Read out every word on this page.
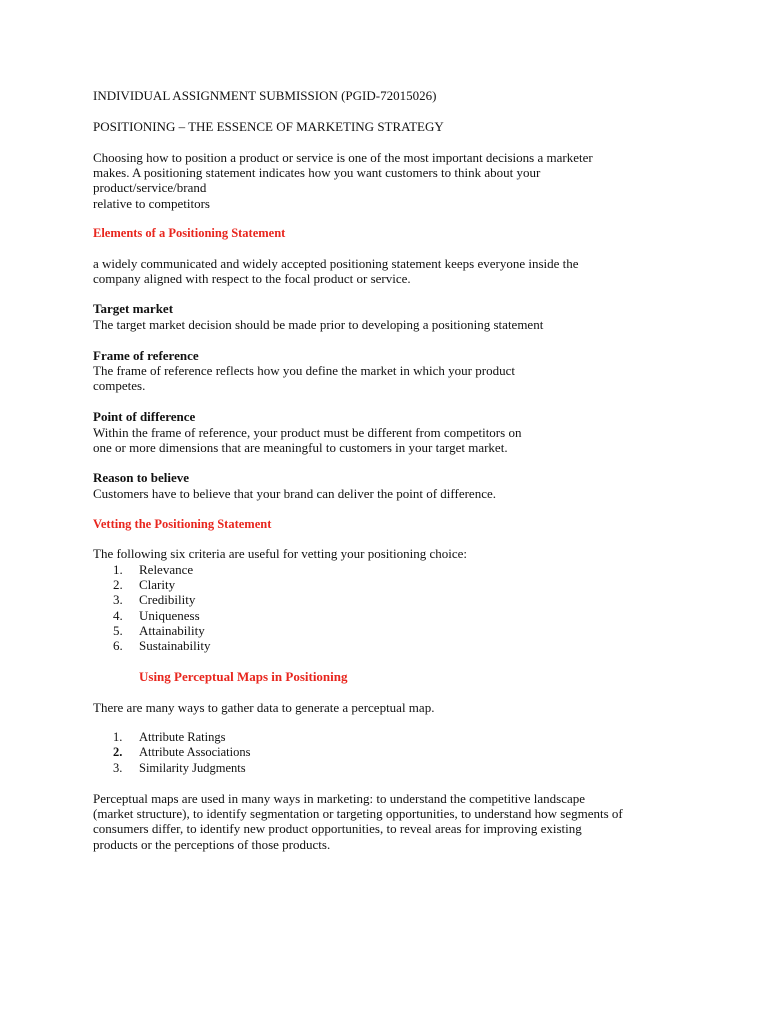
INDIVIDUAL ASSIGNMENT SUBMISSION (PGID-72015026)
POSITIONING – THE ESSENCE OF MARKETING STRATEGY
Choosing how to position a product or service is one of the most important decisions a marketer
makes. A positioning statement indicates how you want customers to think about your
product/service/brand
relative to competitors
Elements of a Positioning Statement
a widely communicated and widely accepted positioning statement keeps everyone inside the
company aligned with respect to the focal product or service.
Target market
The target market decision should be made prior to developing a positioning statement
Frame of reference
The frame of reference reflects how you define the market in which your product
competes.
Point of difference
Within the frame of reference, your product must be different from competitors on
one or more dimensions that are meaningful to customers in your target market.
Reason to believe
Customers have to believe that your brand can deliver the point of difference.
Vetting the Positioning Statement
The following six criteria are useful for vetting your positioning choice:
1. Relevance
2. Clarity
3. Credibility
4. Uniqueness
5. Attainability
6. Sustainability
Using Perceptual Maps in Positioning
There are many ways to gather data to generate a perceptual map.
1. Attribute Ratings
2. Attribute Associations
3. Similarity Judgments
Perceptual maps are used in many ways in marketing: to understand the competitive landscape
(market structure), to identify segmentation or targeting opportunities, to understand how segments of
consumers differ, to identify new product opportunities, to reveal areas for improving existing
products or the perceptions of those products.
